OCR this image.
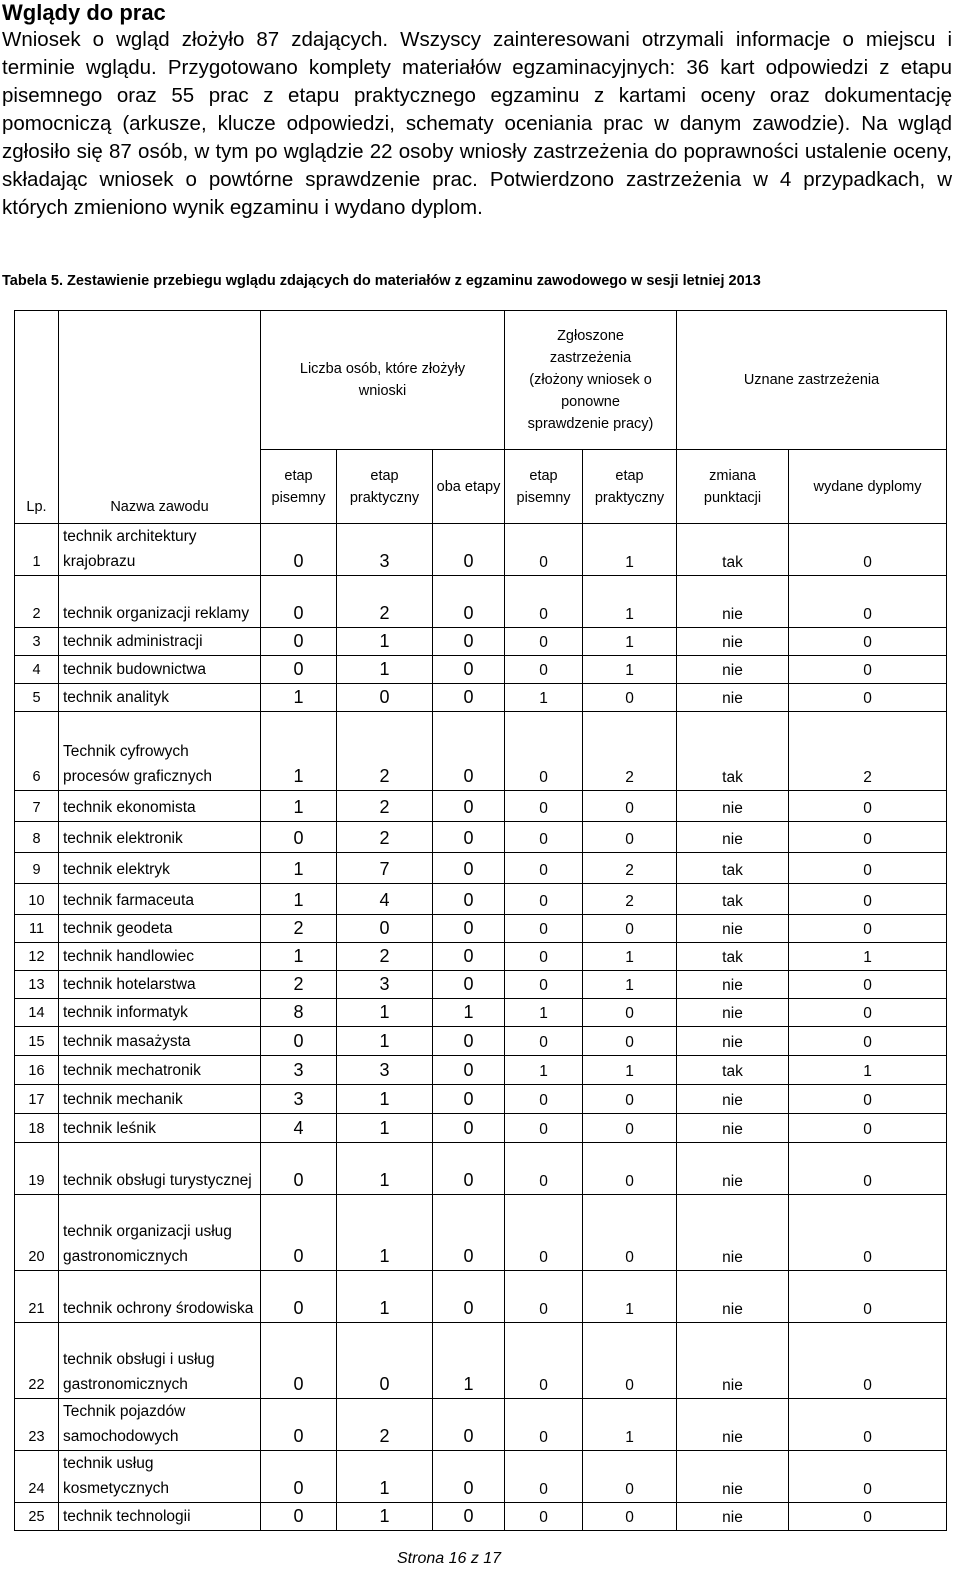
Wglądy do prac

Wniosek o wgląd złożyło 87 zdających. Wszyscy zainteresowani otrzymali informacje o miejscu i terminie wglądu. Przygotowano komplety materiałów egzaminacyjnych: 36 kart odpowiedzi z etapu pisemnego oraz 55 prac z etapu praktycznego egzaminu z kartami oceny oraz dokumentację pomocniczą (arkusze, klucze odpowiedzi, schematy oceniania prac w danym zawodzie). Na wgląd zgłosiło się 87 osób, w tym po wglądzie 22 osoby wniosły zastrzeżenia do poprawności ustalenie oceny, składając wniosek o powtórne sprawdzenie prac. Potwierdzono zastrzeżenia w 4 przypadkach, w których zmieniono wynik egzaminu i wydano dyplom.

Tabela 5. Zestawienie przebiegu wglądu zdających do materiałów z egzaminu zawodowego w sesji letniej 2013

Lp.	Nazwa zawodu	Liczba osób, które złożyły wnioski			Zgłoszone zastrzeżenia (złożony wniosek o ponowne sprawdzenie pracy)		Uznane zastrzeżenia	
		etap pisemny	etap praktyczny	oba etapy	etap pisemny	etap praktyczny	zmiana punktacji	wydane dyplomy
1	technik architektury krajobrazu	0	3	0	0	1	tak	0
2	technik organizacji reklamy	0	2	0	0	1	nie	0
3	technik administracji	0	1	0	0	1	nie	0
4	technik budownictwa	0	1	0	0	1	nie	0
5	technik analityk	1	0	0	1	0	nie	0
6	Technik cyfrowych procesów graficznych	1	2	0	0	2	tak	2
7	technik ekonomista	1	2	0	0	0	nie	0
8	technik elektronik	0	2	0	0	0	nie	0
9	technik elektryk	1	7	0	0	2	tak	0
10	technik farmaceuta	1	4	0	0	2	tak	0
11	technik geodeta	2	0	0	0	0	nie	0
12	technik handlowiec	1	2	0	0	1	tak	1
13	technik hotelarstwa	2	3	0	0	1	nie	0
14	technik informatyk	8	1	1	1	0	nie	0
15	technik masażysta	0	1	0	0	0	nie	0
16	technik mechatronik	3	3	0	1	1	tak	1
17	technik mechanik	3	1	0	0	0	nie	0
18	technik leśnik	4	1	0	0	0	nie	0
19	technik obsługi turystycznej	0	1	0	0	0	nie	0
20	technik organizacji usług gastronomicznych	0	1	0	0	0	nie	0
21	technik ochrony środowiska	0	1	0	0	1	nie	0
22	technik obsługi i usług gastronomicznych	0	0	1	0	0	nie	0
23	Technik pojazdów samochodowych	0	2	0	0	1	nie	0
24	technik usług kosmetycznych	0	1	0	0	0	nie	0
25	technik technologii	0	1	0	0	0	nie	0

Strona 16 z 17
